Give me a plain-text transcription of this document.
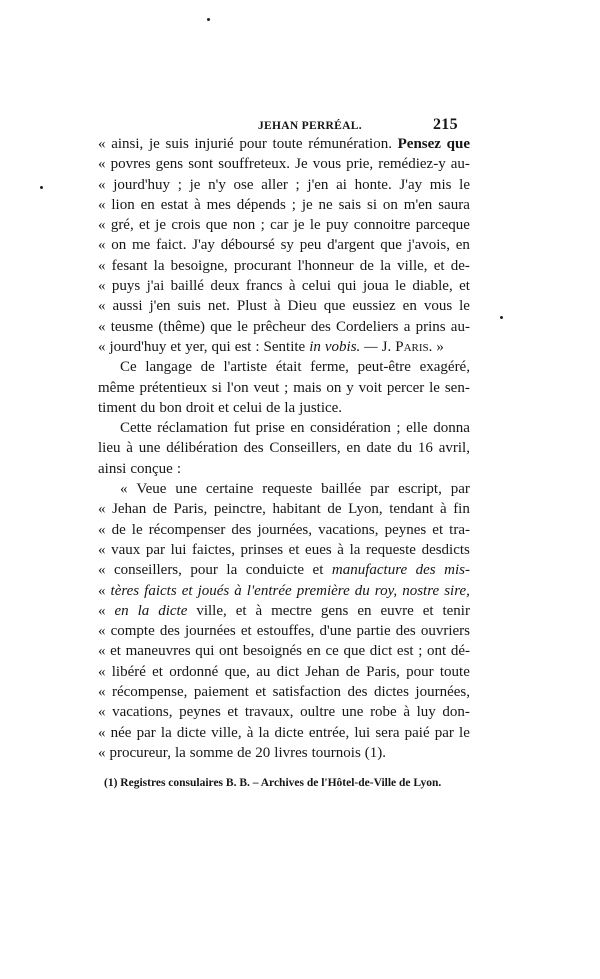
JEHAN PERRÉAL.	215
« ainsi, je suis injurié pour toute rémunération. Pensez que
« povres gens sont souffreteux. Je vous prie, remédiez-y au-
« jourd'huy ; je n'y ose aller ; j'en ai honte. J'ay mis le
« lion en estat à mes dépends ; je ne sais si on m'en saura
« gré, et je crois que non ; car je le puy connoitre parceque
« on me faict. J'ay déboursé sy peu d'argent que j'avois, en
« fesant la besoigne, procurant l'honneur de la ville, et de-
« puys j'ai baillé deux francs à celui qui joua le diable, et
« aussi j'en suis net. Plust à Dieu que eussiez en vous le
« teusme (thême) que le prêcheur des Cordeliers a prins au-
« jourd'huy et yer, qui est : Sentite in vobis. — J. Paris. »
Ce langage de l'artiste était ferme, peut-être exagéré,
même prétentieux si l'on veut ; mais on y voit percer le sen-
timent du bon droit et celui de la justice.
Cette réclamation fut prise en considération ; elle donna
lieu à une délibération des Conseillers, en date du 16 avril,
ainsi conçue :
« Veue une certaine requeste baillée par escript, par
« Jehan de Paris, peinctre, habitant de Lyon, tendant à fin
« de le récompenser des journées, vacations, peynes et tra-
« vaux par lui faictes, prinses et eues à la requeste desdicts
« conseillers, pour la conduicte et manufacture des mis-
« tères faicts et joués à l'entrée première du roy, nostre sire,
« en la dicte ville, et à mectre gens en euvre et tenir
« compte des journées et estouffes, d'une partie des ouvriers
« et maneuvres qui ont besoignés en ce que dict est ; ont dé-
« libéré et ordonné que, au dict Jehan de Paris, pour toute
« récompense, paiement et satisfaction des dictes journées,
« vacations, peynes et travaux, oultre une robe à luy don-
« née par la dicte ville, à la dicte entrée, lui sera paié par le
« procureur, la somme de 20 livres tournois (1).
(1) Registres consulaires B. B. – Archives de l'Hôtel-de-Ville de Lyon.
